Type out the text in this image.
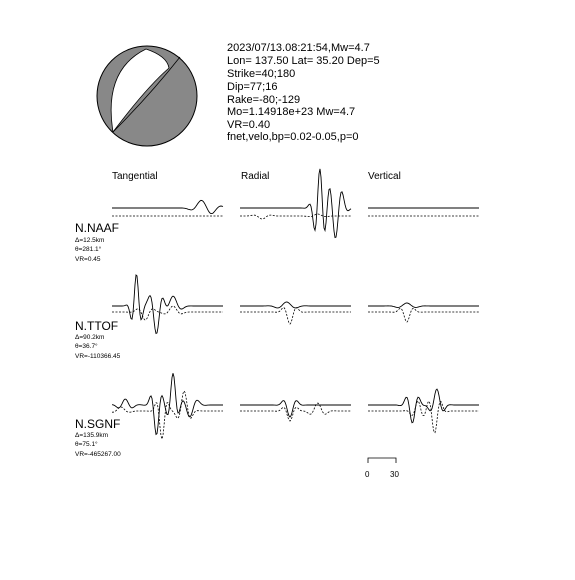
2023/07/13.08:21:54,Mw=4.7
Lon= 137.50 Lat= 35.20 Dep=5
Strike=40;180
Dip=77;16
Rake=-80;-129
Mo=1.14918e+23 Mw=4.7
VR=0.40
fnet,velo,bp=0.02-0.05,p=0
Tangential	Radial	Vertical
N.NAAF
Δ=12.5km
θ=281.1°
VR=0.45
N.TTOF
Δ=90.2km
θ=36.7°
VR=-110366.45
N.SGNF
Δ=135.9km
θ=75.1°
VR=-465267.00
0	30
